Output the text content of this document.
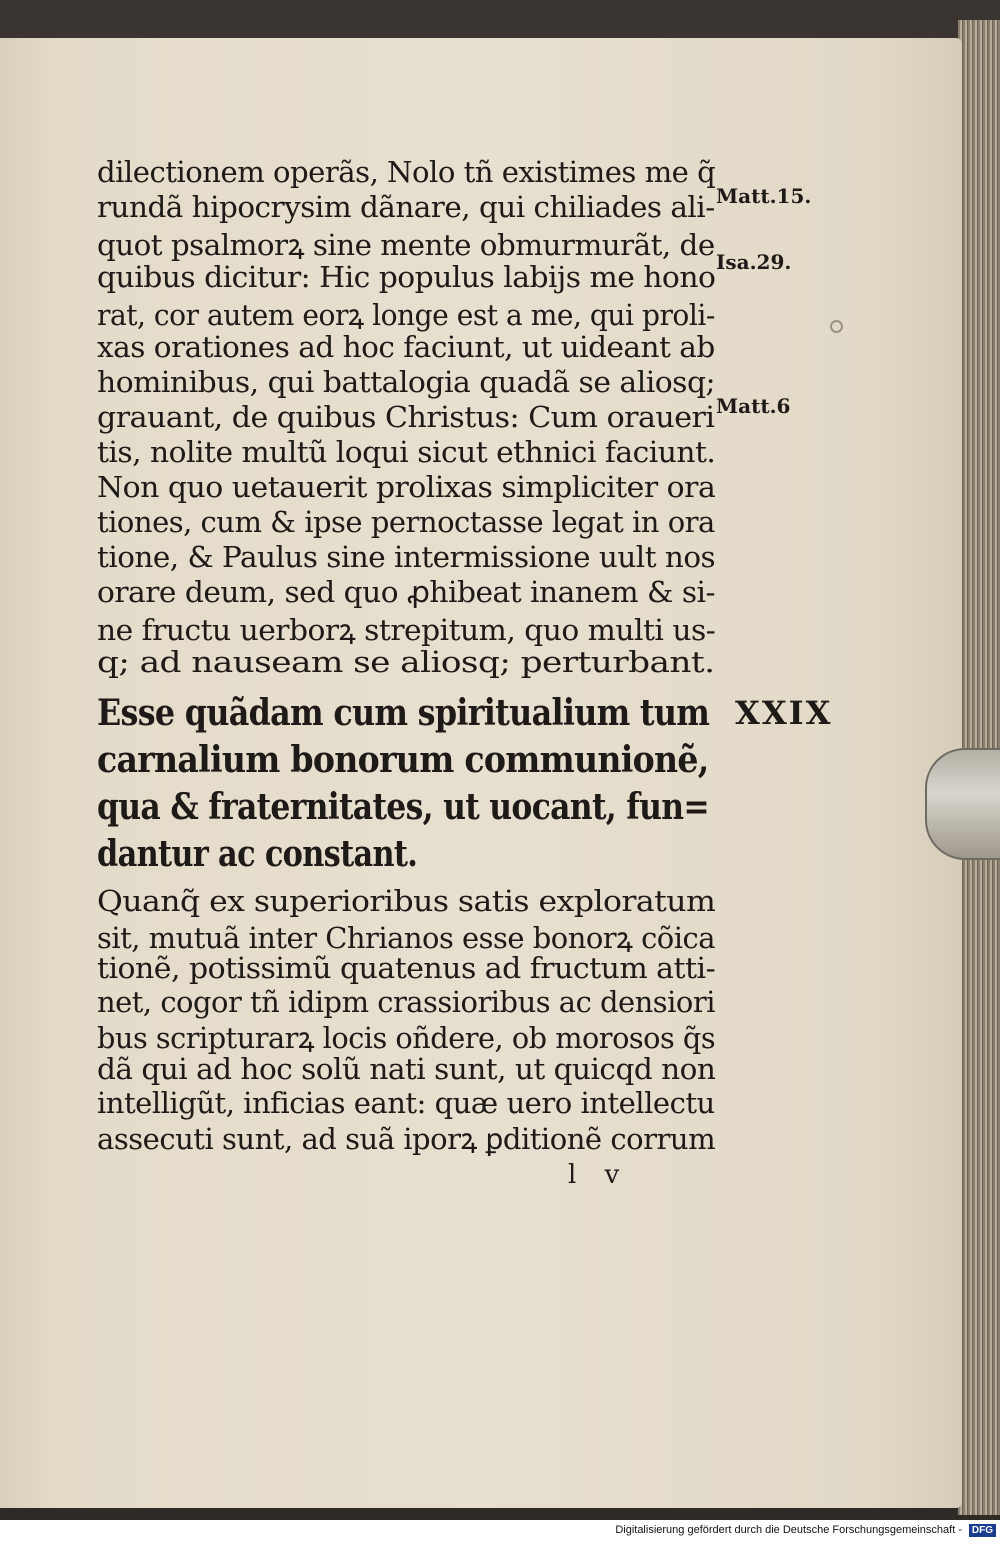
dilectionem operãs, Nolo tñ existimes me q̃
rundã hipocrysim dãnare, qui chiliades ali-
quot psalmorꝝ sine mente obmurmurãt, de
quibus dicitur: Hic populus labijs me hono
rat, cor autem eorꝝ longe est a me, qui proli-
xas orationes ad hoc faciunt, ut uideant ab
hominibus, qui battalogia quadã se aliosq;
grauant, de quibus Christus: Cum oraueri
tis, nolite multũ loqui sicut ethnici faciunt.
Non quo uetauerit prolixas simpliciter ora
tiones, cum & ipse pernoctasse legat in ora
tione, & Paulus sine intermissione uult nos
orare deum, sed quo ꝓhibeat inanem & si-
ne fructu uerborꝝ strepitum, quo multi us-
q; ad nauseam se aliosq; perturbant.
Esse quãdam cum spiritualium tum
carnalium bonorum communionẽ,
qua & fraternitates, ut uocant, fun=
dantur ac constant.
Quanq̃ ex superioribus satis exploratum
sit, mutuã inter Chrianos esse bonorꝝ cõica
tionẽ, potissimũ quatenus ad fructum atti-
net, cogor tñ idipm crassioribus ac densiori
bus scripturarꝝ locis oñdere, ob morosos q̃s
dã qui ad hoc solũ nati sunt, ut quicqd non
intelligũt, inficias eant: quæ uero intellectu
assecuti sunt, ad suã iporꝝ ꝑditionẽ corrum
Matt.15.
Isa.29.
Matt.6
XXIX
l v
Digitalisierung gefördert durch die Deutsche Forschungsgemeinschaft - DFG
